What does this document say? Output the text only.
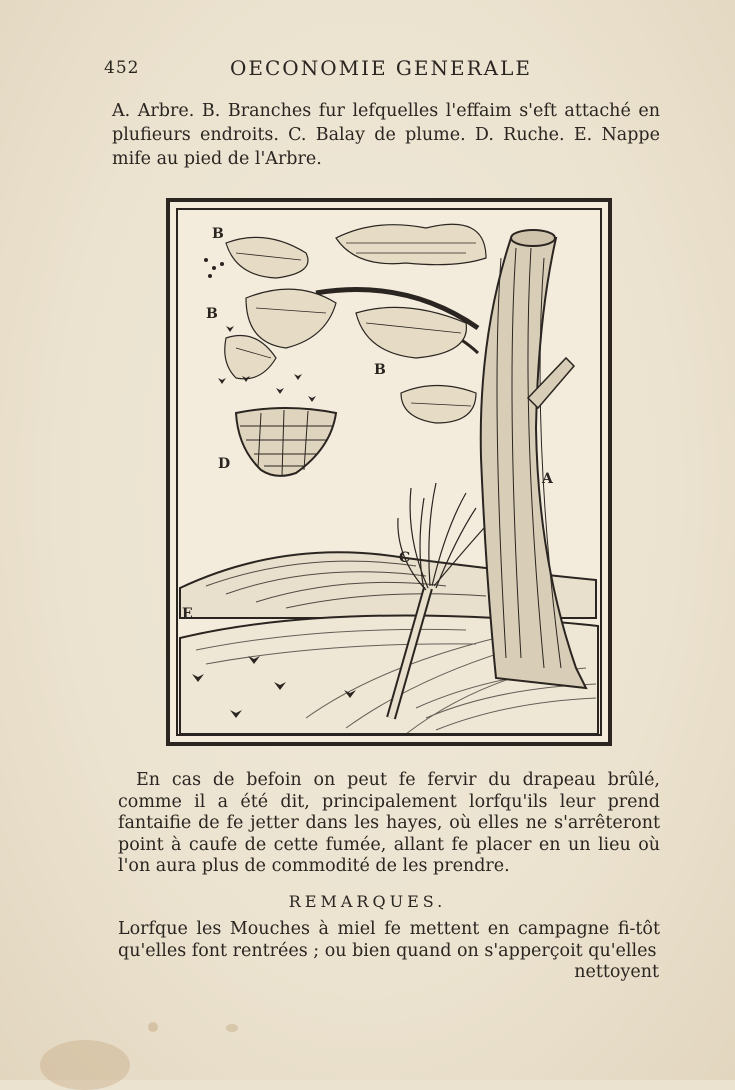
452	OECONOMIE GENERALE
A. Arbre. B. Branches fur lefquelles l'effaim s'eft attaché en plufieurs endroits. C. Balay de plume. D. Ruche. E. Nappe mife au pied de l'Arbre.
A
B
B
B
C
D
E
En cas de befoin on peut fe fervir du drapeau brûlé, comme il a été dit, principalement lorfqu'ils leur prend fantaifie de fe jetter dans les hayes, où elles ne s'arrêteront point à caufe de cette fumée, allant fe placer en un lieu où l'on aura plus de commodité de les prendre.
REMARQUES.
Lorfque les Mouches à miel fe mettent en campagne fi-tôt qu'elles font rentrées ; ou bien quand on s'apperçoit qu'elles
nettoyent
